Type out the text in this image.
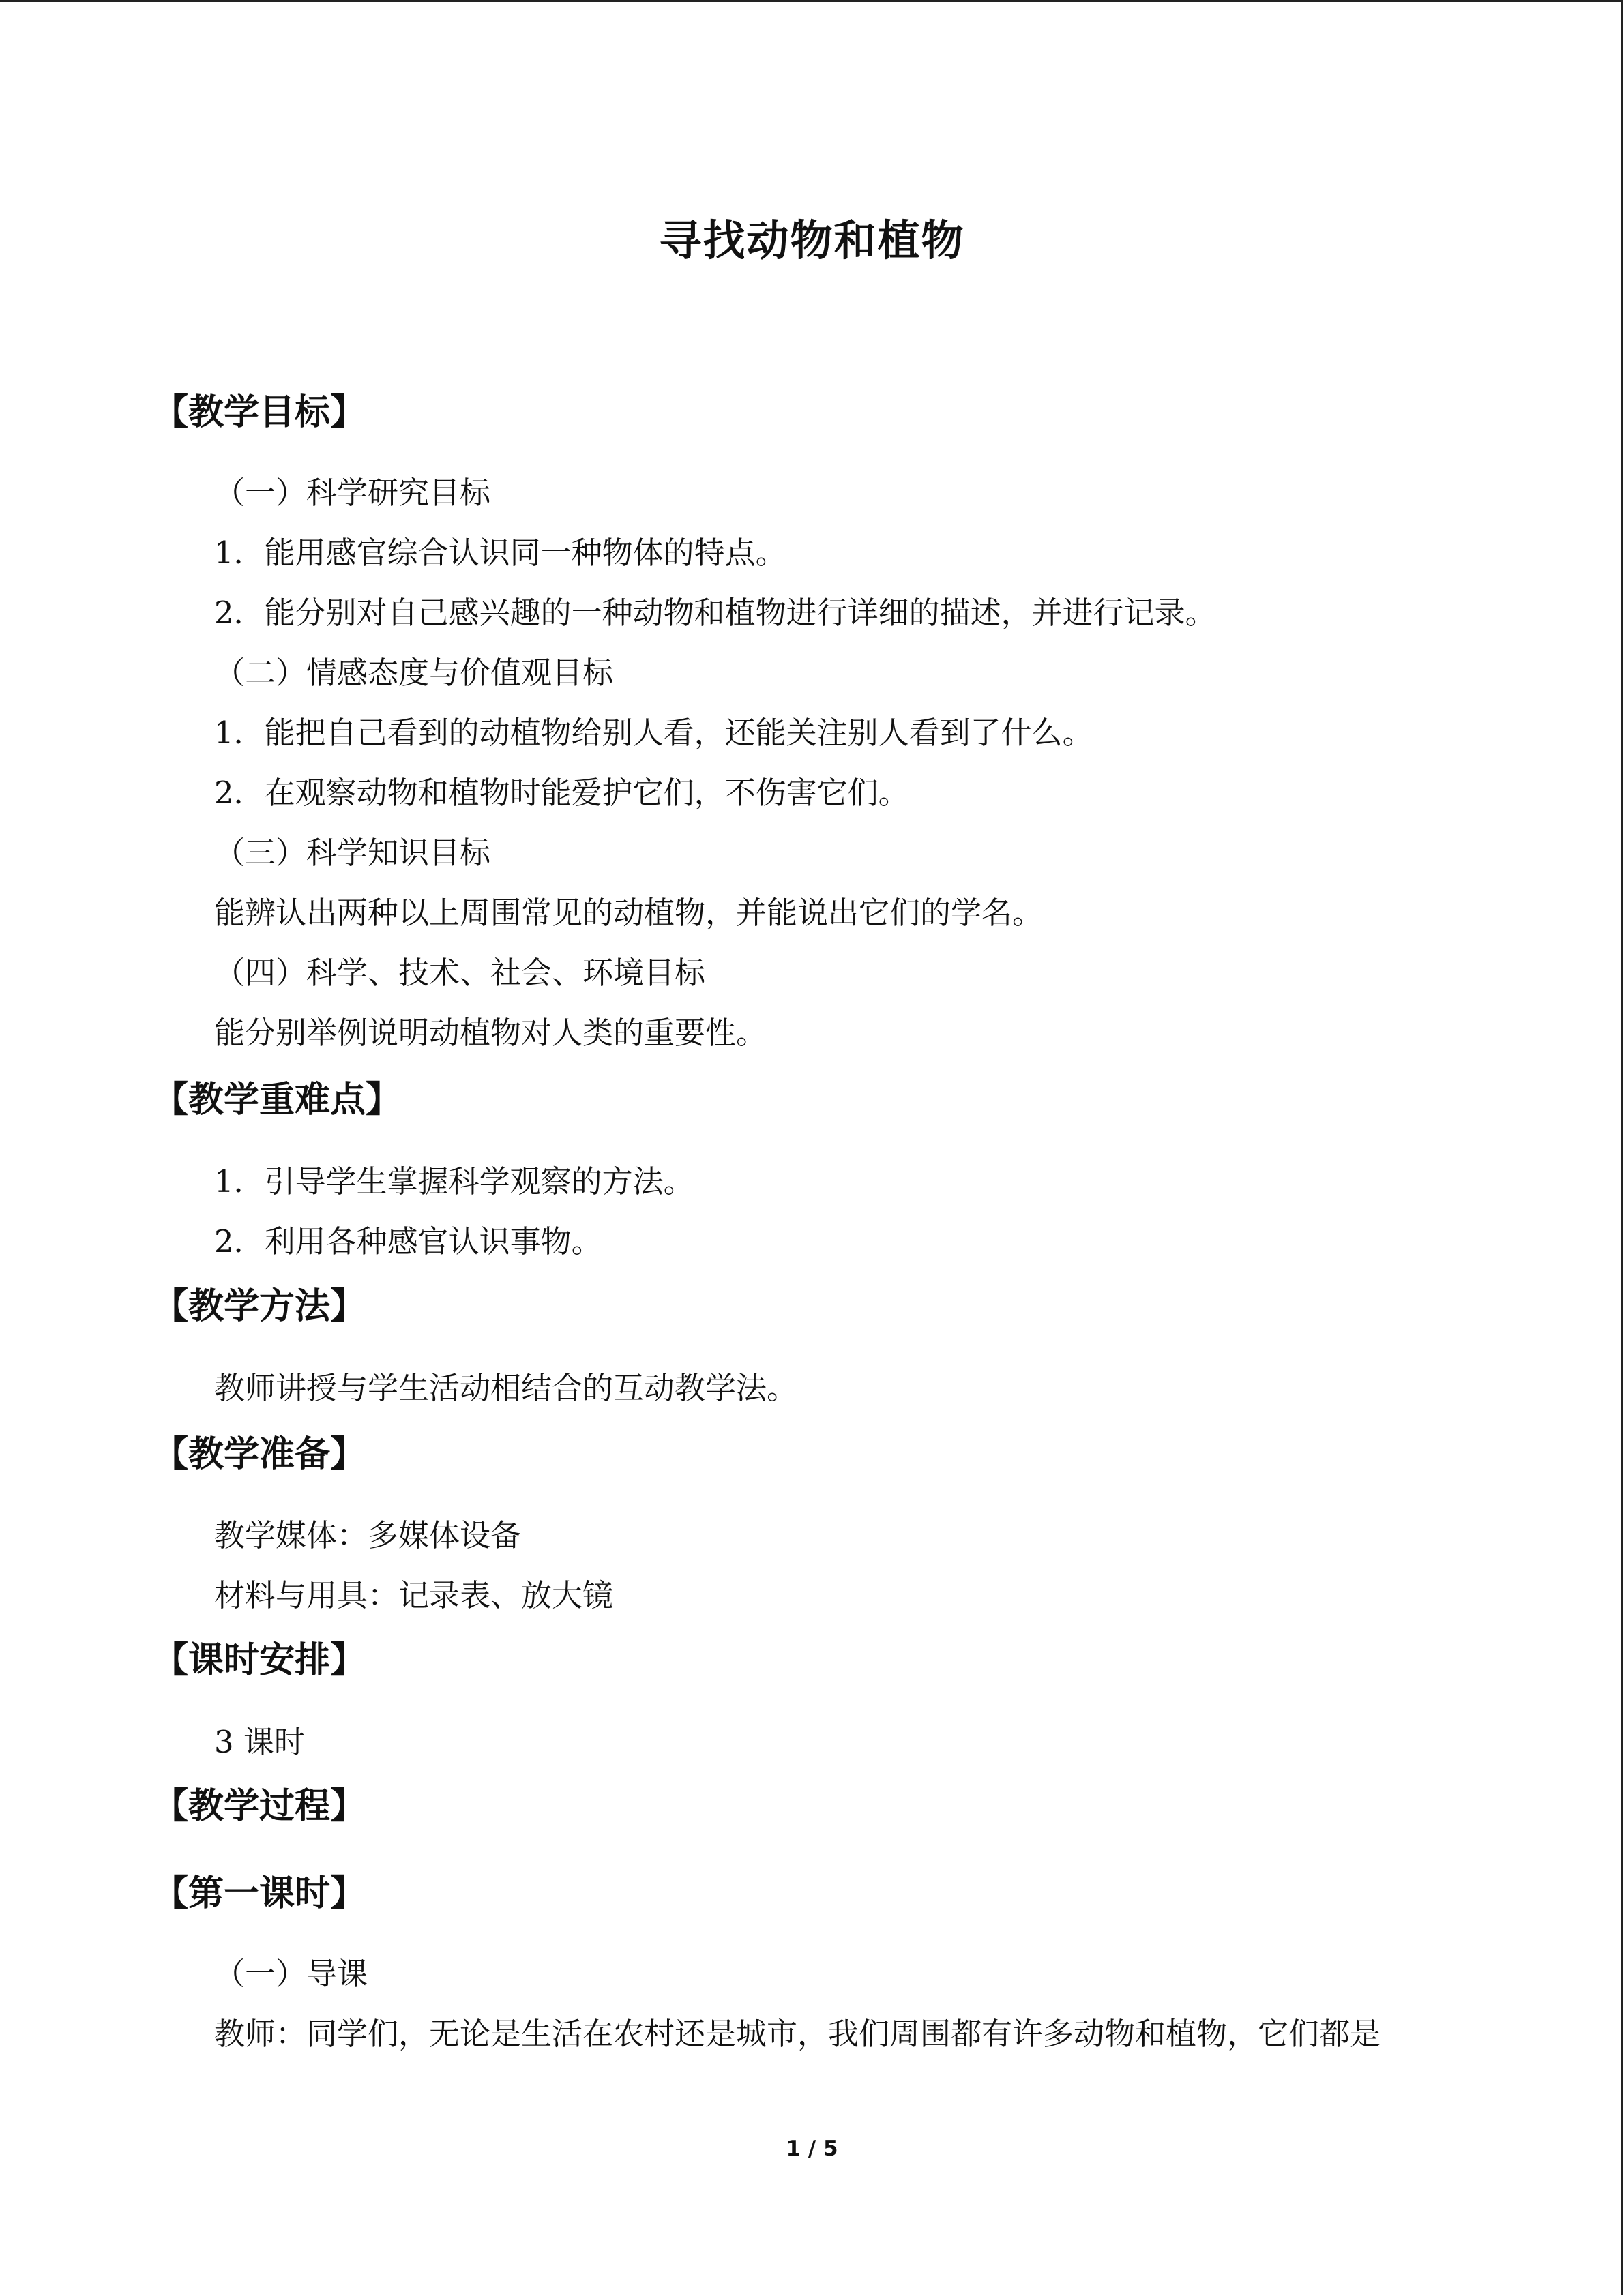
寻找动物和植物
【教学目标】
（一）科学研究目标
1．能用感官综合认识同一种物体的特点。
2．能分别对自己感兴趣的一种动物和植物进行详细的描述，并进行记录。
（二）情感态度与价值观目标
1．能把自己看到的动植物给别人看，还能关注别人看到了什么。
2．在观察动物和植物时能爱护它们，不伤害它们。
（三）科学知识目标
能辨认出两种以上周围常见的动植物，并能说出它们的学名。
（四）科学、技术、社会、环境目标
能分别举例说明动植物对人类的重要性。
【教学重难点】
1．引导学生掌握科学观察的方法。
2．利用各种感官认识事物。
【教学方法】
教师讲授与学生活动相结合的互动教学法。
【教学准备】
教学媒体：多媒体设备
材料与用具：记录表、放大镜
【课时安排】
3 课时
【教学过程】
【第一课时】
（一）导课
教师：同学们，无论是生活在农村还是城市，我们周围都有许多动物和植物，它们都是
1 / 5
